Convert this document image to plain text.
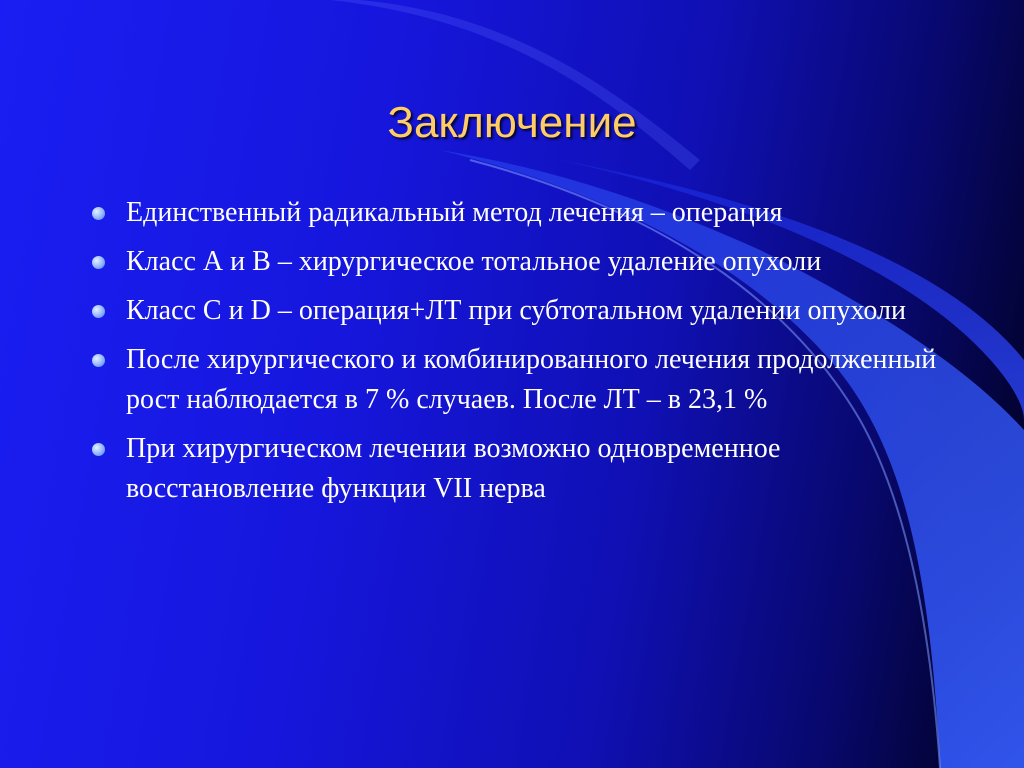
Заключение
Единственный радикальный метод лечения – операция
Класс А и В – хирургическое тотальное удаление опухоли
Класс С и D – операция+ЛТ при субтотальном удалении опухоли
После хирургического и комбинированного лечения продолженный рост наблюдается в 7 % случаев. После ЛТ – в 23,1 %
При хирургическом лечении возможно одновременное восстановление функции VII нерва
